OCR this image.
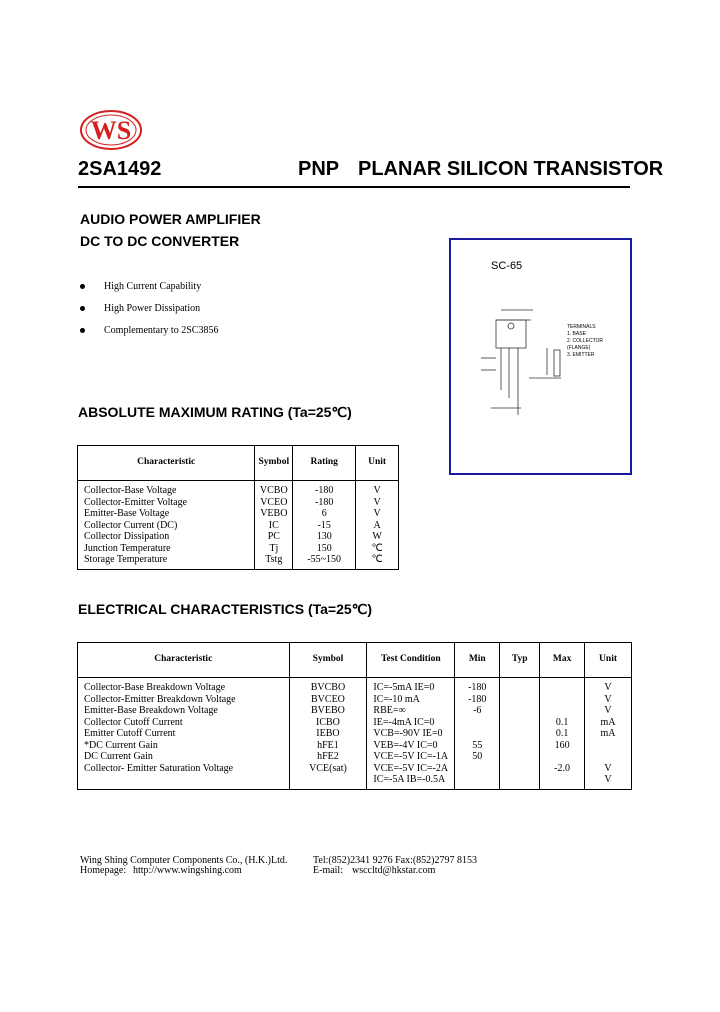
WS
2SA1492	PNP PLANAR SILICON TRANSISTOR
AUDIO POWER AMPLIFIER
DC TO DC CONVERTER
High Current Capability
High Power Dissipation
Complementary to 2SC3856
SC-65
TERMINALS
1. BASE
2. COLLECTOR
(FLANGE)
3. EMITTER
ABSOLUTE MAXIMUM RATING (Ta=25℃)
Characteristic	Symbol	Rating	Unit
Collector-Base Voltage	VCBO	-180	V
Collector-Emitter Voltage	VCEO	-180	V
Emitter-Base Voltage	VEBO	6	V
Collector Current (DC)	IC	-15	A
Collector Dissipation	PC	130	W
Junction Temperature	Tj	150	℃
Storage Temperature	Tstg	-55~150	℃
ELECTRICAL CHARACTERISTICS (Ta=25℃)
Characteristic	Symbol	Test Condition	Min	Typ	Max	Unit
Collector-Base Breakdown Voltage	BVCBO	IC=-5mA IE=0	-180			V
Collector-Emitter Breakdown Voltage	BVCEO	IC=-10 mA	-180			V
Emitter-Base Breakdown Voltage	BVEBO	RBE=∞	-6			V
Collector Cutoff Current	ICBO	IE=-4mA IC=0			0.1	mA
Emitter Cutoff Current	IEBO	VCB=-90V IE=0			0.1	mA
*DC Current Gain	hFE1	VEB=-4V IC=0	55		160	
DC Current Gain	hFE2	VCE=-5V IC=-1A	50			
Collector- Emitter Saturation Voltage	VCE(sat)	VCE=-5V IC=-2A			-2.0	V
		IC=-5A IB=-0.5A				V
Wing Shing Computer Components Co., (H.K.)Ltd.	Tel:(852)2341 9276 Fax:(852)2797 8153
Homepage: http://www.wingshing.com	E-mail: wsccltd@hkstar.com
